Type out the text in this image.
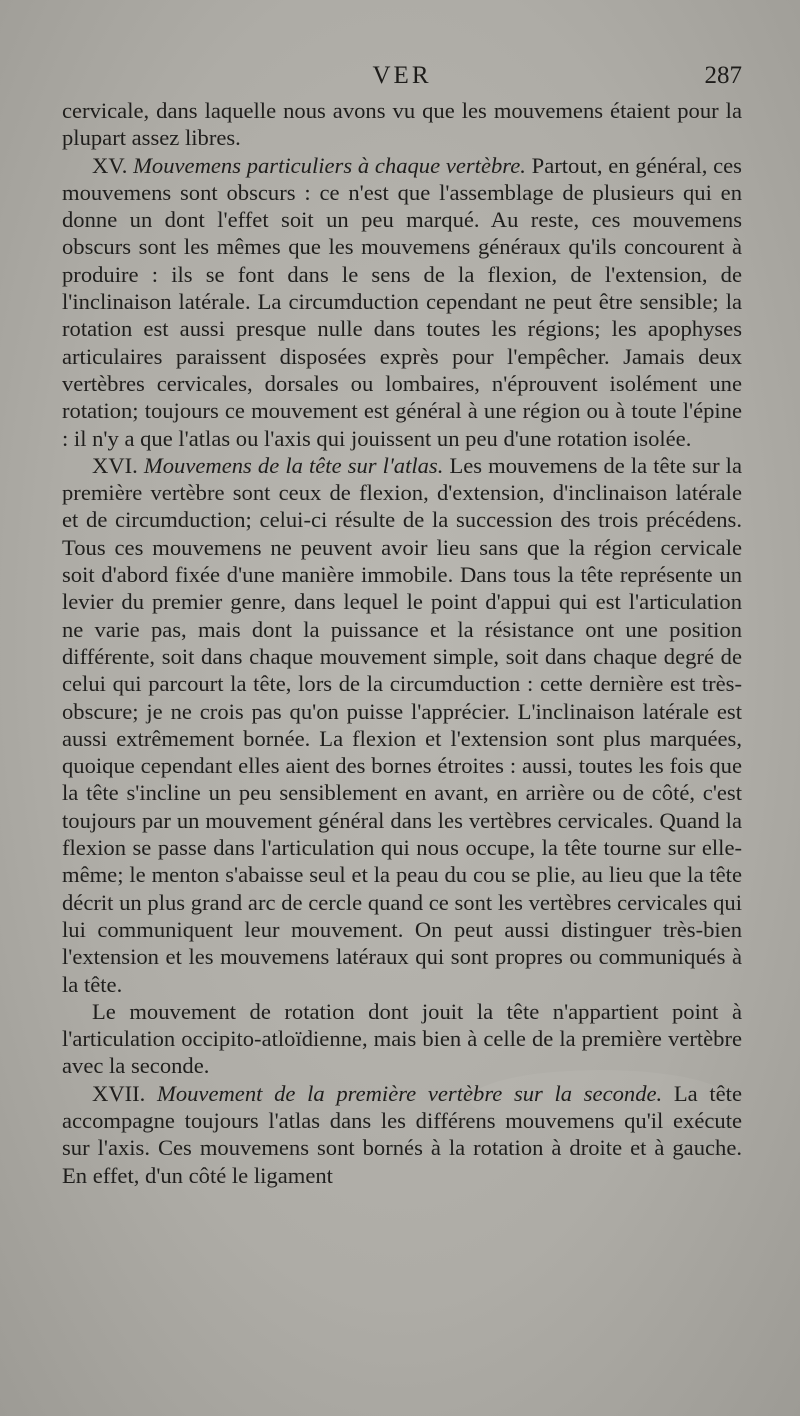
VER	287

cervicale, dans laquelle nous avons vu que les mouvemens étaient pour la plupart assez libres.

XV. Mouvemens particuliers à chaque vertèbre. Partout, en général, ces mouvemens sont obscurs : ce n'est que l'assemblage de plusieurs qui en donne un dont l'effet soit un peu marqué. Au reste, ces mouvemens obscurs sont les mêmes que les mouvemens généraux qu'ils concourent à produire : ils se font dans le sens de la flexion, de l'extension, de l'inclinaison latérale. La circumduction cependant ne peut être sensible; la rotation est aussi presque nulle dans toutes les régions; les apophyses articulaires paraissent disposées exprès pour l'empêcher. Jamais deux vertèbres cervicales, dorsales ou lombaires, n'éprouvent isolément une rotation; toujours ce mouvement est général à une région ou à toute l'épine : il n'y a que l'atlas ou l'axis qui jouissent un peu d'une rotation isolée.

XVI. Mouvemens de la tête sur l'atlas. Les mouvemens de la tête sur la première vertèbre sont ceux de flexion, d'extension, d'inclinaison latérale et de circumduction; celui-ci résulte de la succession des trois précédens. Tous ces mouvemens ne peuvent avoir lieu sans que la région cervicale soit d'abord fixée d'une manière immobile. Dans tous la tête représente un levier du premier genre, dans lequel le point d'appui qui est l'articulation ne varie pas, mais dont la puissance et la résistance ont une position différente, soit dans chaque mouvement simple, soit dans chaque degré de celui qui parcourt la tête, lors de la circumduction : cette dernière est très-obscure; je ne crois pas qu'on puisse l'apprécier. L'inclinaison latérale est aussi extrêmement bornée. La flexion et l'extension sont plus marquées, quoique cependant elles aient des bornes étroites : aussi, toutes les fois que la tête s'incline un peu sensiblement en avant, en arrière ou de côté, c'est toujours par un mouvement général dans les vertèbres cervicales. Quand la flexion se passe dans l'articulation qui nous occupe, la tête tourne sur elle-même; le menton s'abaisse seul et la peau du cou se plie, au lieu que la tête décrit un plus grand arc de cercle quand ce sont les vertèbres cervicales qui lui communiquent leur mouvement. On peut aussi distinguer très-bien l'extension et les mouvemens latéraux qui sont propres ou communiqués à la tête.

Le mouvement de rotation dont jouit la tête n'appartient point à l'articulation occipito-atloïdienne, mais bien à celle de la première vertèbre avec la seconde.

XVII. Mouvement de la première vertèbre sur la seconde. La tête accompagne toujours l'atlas dans les différens mouvemens qu'il exécute sur l'axis. Ces mouvemens sont bornés à la rotation à droite et à gauche. En effet, d'un côté le ligament
